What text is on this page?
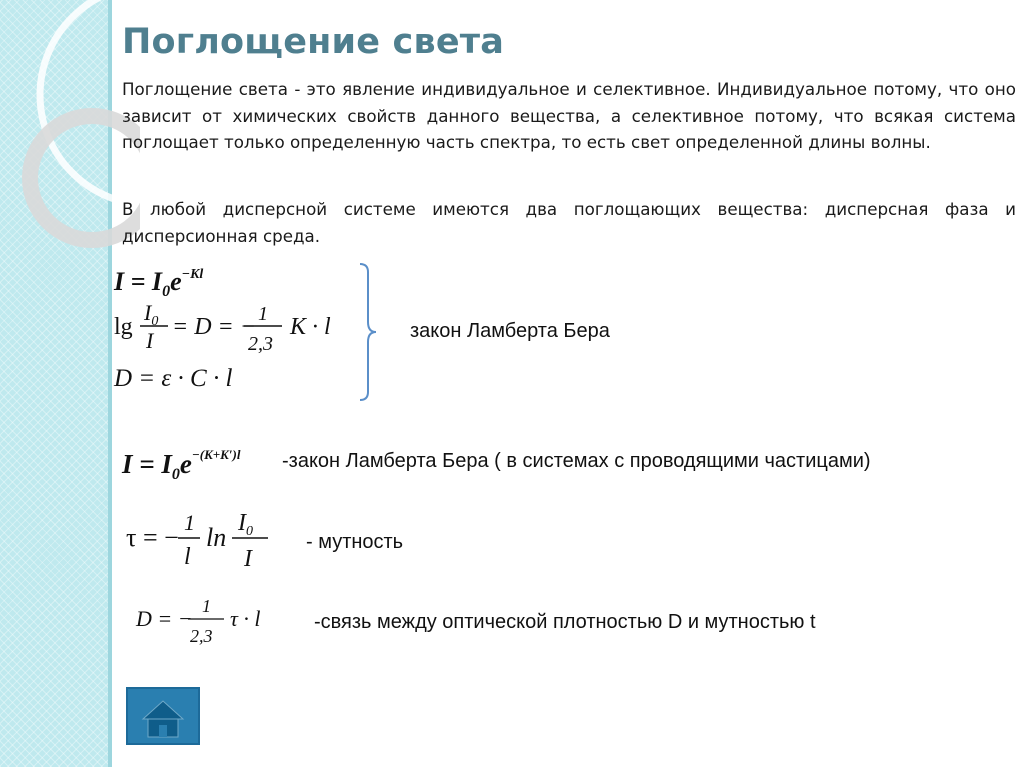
Поглощение света
Поглощение света - это явление индивидуальное и селективное. Индивидуальное потому, что оно зависит от химических свойств данного вещества, а селективное потому, что всякая система поглощает только определенную часть спектра, то есть свет определенной длины волны.
В любой дисперсной системе имеются два поглощающих вещества: дисперсная фаза и дисперсионная среда.
$I = I_0e^{-Kl}$
lg
$I_0$
I
= D = − 1
2,3
K · l
D = ε · C · l
закон Ламберта Бера
$I = I_0e^{-(K+K')l}$ -закон Ламберта Бера ( в системах с проводящими частицами)
τ = −
1
l
$\ln I_0$
I
- мутность
D = − 1
2,3
τ · l	-связь между оптической плотностью D и мутностью t
